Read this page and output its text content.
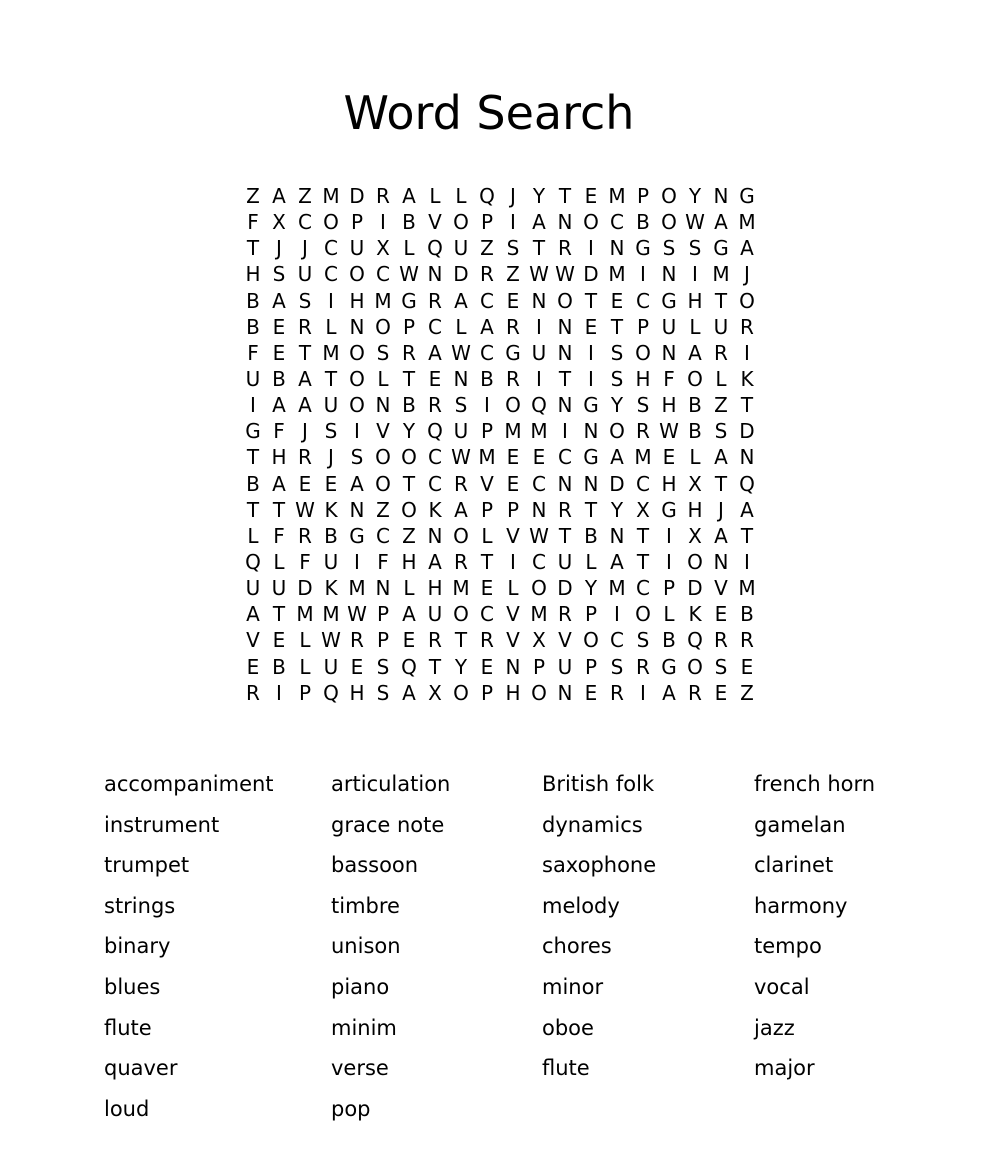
Word Search
Z A Z M D R A L L Q J Y T E M P O Y N G
F X C O P I B V O P I A N O C B O W A M
T J	J C U X L Q U Z S T R I N G S S G A
H S U C O C W N D R Z W W D M I N I M J
B A S I H M G R A C E N O T E C G H T O
B E R L N O P C L A R I N E T P U L U R
F E T M O S R A W C G U N I S O N A R I
U B A T O L T E N B R I T I S H F O L K
I A A U O N B R S I O Q N G Y S H B Z T
G F J S I V Y Q U P M M I N O R W B S D
T H R J S O O C W M E E C G A M E L A N
B A E E A O T C R V E C N N D C H X T Q
T T W K N Z O K A P P N R T Y X G H J A
L F R B G C Z N O L V W T B N T I X A T
Q L F U I F H A R T I C U L A T I O N I
U U D K M N L H M E L O D Y M C P D V M
A T M M W P A U O C V M R P I O L K E B
V E L W R P E R T R V X V O C S B Q R R
E B L U E S Q T Y E N P U P S R G O S E
R I P Q H S A X O P H O N E R I A R E Z
accompaniment
instrument
trumpet
strings
binary
blues
flute
quaver
loud
articulation
grace note
bassoon
timbre
unison
piano
minim
verse
pop
British folk
dynamics
saxophone
melody
chores
minor
oboe
flute
french horn
gamelan
clarinet
harmony
tempo
vocal
jazz
major
